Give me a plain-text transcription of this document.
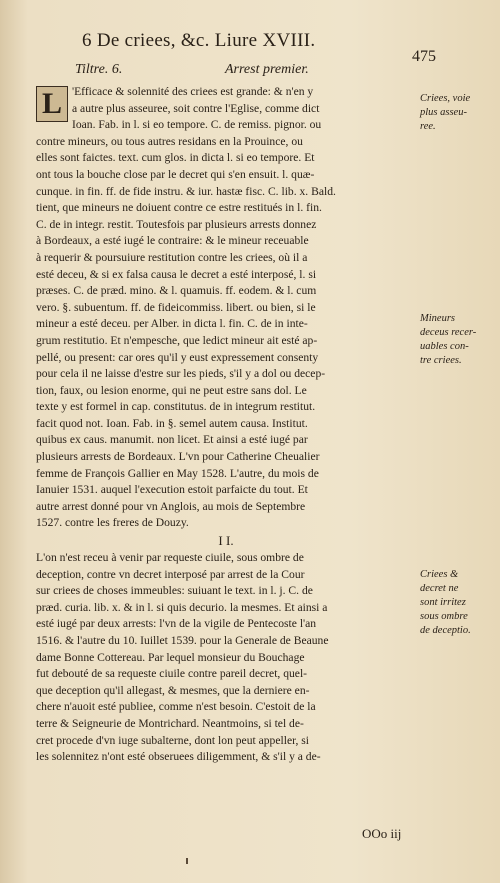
6 De criees, &c. Liure XVIII.
475
Tiltre. 6.	Arrest premier.
L 'Efficace & solennité des criees est grande: & n'en y
a autre plus asseuree, soit contre l'Eglise, comme dict
Ioan. Fab. in l. si eo tempore. C. de remiss. pignor. ou
contre mineurs, ou tous autres residans en la Prouince, ou
elles sont faictes. text. cum glos. in dicta l. si eo tempore. Et
ont tous la bouche close par le decret qui s'en ensuit. l. quæ-
cunque. in fin. ff. de fide instru. & iur. hastæ fisc. C. lib. x. Bald.
tient, que mineurs ne doiuent contre ce estre restitués in l. fin.
C. de in integr. restit. Toutesfois par plusieurs arrests donnez
à Bordeaux, a esté iugé le contraire: & le mineur receuable
à requerir & poursuiure restitution contre les criees, où il a
esté deceu, & si ex falsa causa le decret a esté interposé, l. si
præses. C. de præd. mino. & l. quamuis. ff. eodem. & l. cum
vero. §. subuentum. ff. de fideicommiss. libert. ou bien, si le
mineur a esté deceu. per Alber. in dicta l. fin. C. de in inte-
grum restitutio. Et n'empesche, que ledict mineur ait esté ap-
pellé, ou present: car ores qu'il y eust expressement consenty
pour cela il ne laisse d'estre sur les pieds, s'il y a dol ou decep-
tion, faux, ou lesion enorme, qui ne peut estre sans dol. Le
texte y est formel in cap. constitutus. de in integrum restitut.
facit quod not. Ioan. Fab. in §. semel autem causa. Institut.
quibus ex caus. manumit. non licet. Et ainsi a esté iugé par
plusieurs arrests de Bordeaux. L'vn pour Catherine Cheualier
femme de François Gallier en May 1528. L'autre, du mois de
Ianuier 1531. auquel l'execution estoit parfaicte du tout. Et
autre arrest donné pour vn Anglois, au mois de Septembre
1527. contre les freres de Douzy.
I I.
L'on n'est receu à venir par requeste ciuile, sous ombre de
deception, contre vn decret interposé par arrest de la Cour
sur criees de choses immeubles: suiuant le text. in l. j. C. de
præd. curia. lib. x. & in l. si quis decurio. la mesmes. Et ainsi a
esté iugé par deux arrests: l'vn de la vigile de Pentecoste l'an
1516. & l'autre du 10. Iuillet 1539. pour la Generale de Beaune
dame Bonne Cottereau. Par lequel monsieur du Bouchage
fut debouté de sa requeste ciuile contre pareil decret, quel-
que deception qu'il allegast, & mesmes, que la derniere en-
chere n'auoit esté publiee, comme n'est besoin. C'estoit de la
terre & Seigneurie de Montrichard. Neantmoins, si tel de-
cret procede d'vn iuge subalterne, dont lon peut appeller, si
les solennitez n'ont esté obseruees diligemment, & s'il y a de-
Criees, voie
plus asseu-
ree.
Mineurs
deceus recer-
uables con-
tre criees.
Criees &
decret ne
sont irritez
sous ombre
de deceptio.
OOo iij
